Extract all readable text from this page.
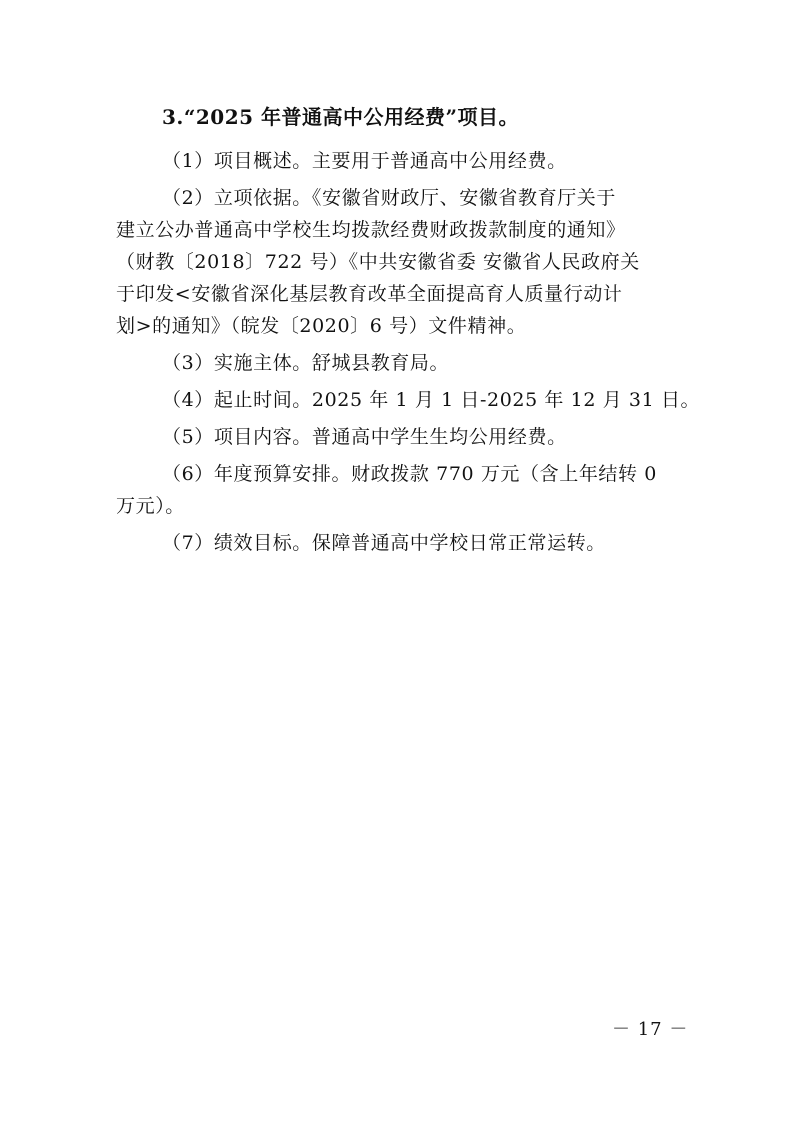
3.“2025 年普通高中公用经费”项目。

（1）项目概述。主要用于普通高中公用经费。

（2）立项依据。《安徽省财政厅、安徽省教育厅关于
建立公办普通高中学校生均拨款经费财政拨款制度的通知》
（财教〔2018〕722 号）《中共安徽省委 安徽省人民政府关
于印发<安徽省深化基层教育改革全面提高育人质量行动计
划>的通知》（皖发〔2020〕6 号）文件精神。

（3）实施主体。舒城县教育局。

（4）起止时间。2025 年 1 月 1 日-2025 年 12 月 31 日。

（5）项目内容。普通高中学生生均公用经费。

（6）年度预算安排。财政拨款 770 万元（含上年结转 0
万元）。

（7）绩效目标。保障普通高中学校日常正常运转。

－ 17 －
